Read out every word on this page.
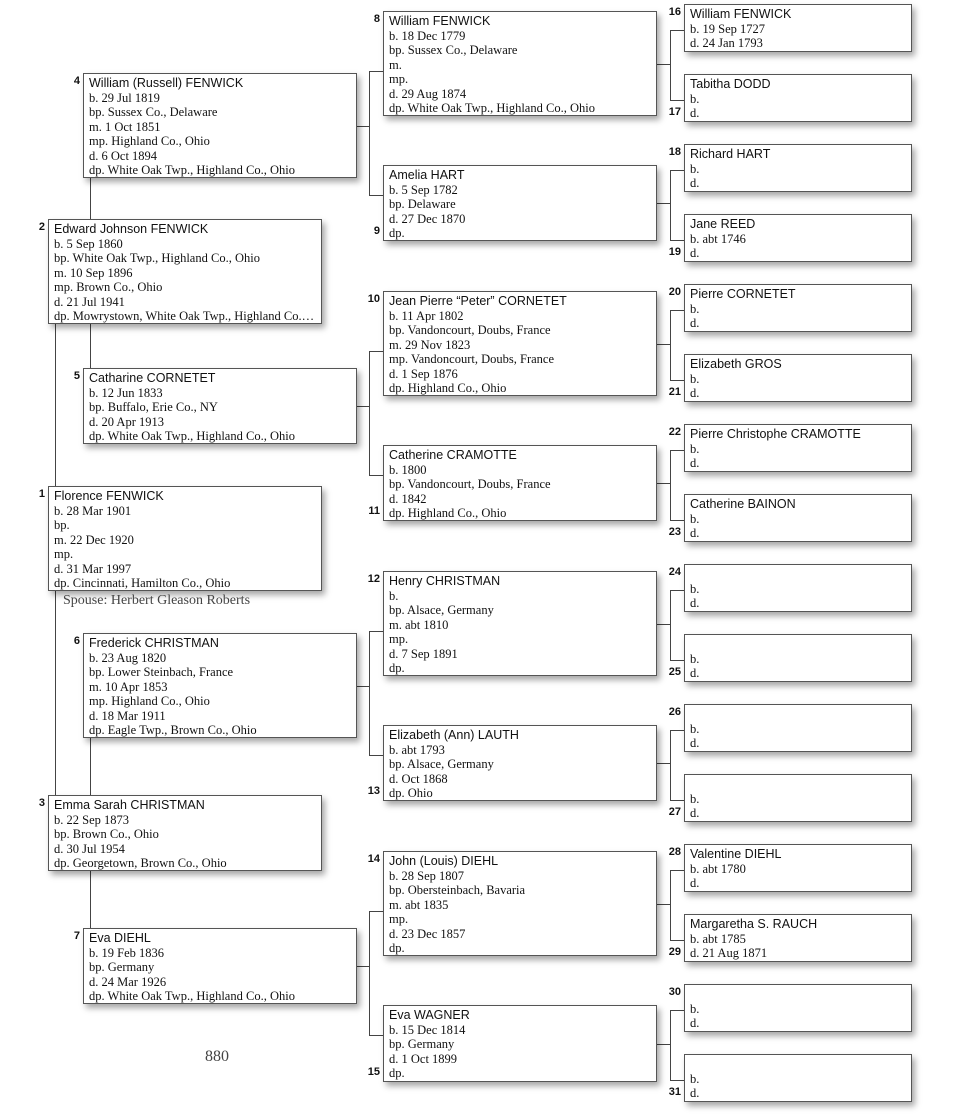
Florence FENWICK
b. 28 Mar 1901
bp.
m. 22 Dec 1920
mp.
d. 31 Mar 1997
dp. Cincinnati, Hamilton Co., Ohio
1
Edward Johnson FENWICK
b. 5 Sep 1860
bp. White Oak Twp., Highland Co., Ohio
m. 10 Sep 1896
mp. Brown Co., Ohio
d. 21 Jul 1941
dp. Mowrystown, White Oak Twp., Highland Co.…
2
Emma Sarah CHRISTMAN
b. 22 Sep 1873
bp. Brown Co., Ohio
d. 30 Jul 1954
dp. Georgetown, Brown Co., Ohio
3
William (Russell) FENWICK
b. 29 Jul 1819
bp. Sussex Co., Delaware
m. 1 Oct 1851
mp. Highland Co., Ohio
d. 6 Oct 1894
dp. White Oak Twp., Highland Co., Ohio
4
Catharine CORNETET
b. 12 Jun 1833
bp. Buffalo, Erie Co., NY
d. 20 Apr 1913
dp. White Oak Twp., Highland Co., Ohio
5
Frederick CHRISTMAN
b. 23 Aug 1820
bp. Lower Steinbach, France
m. 10 Apr 1853
mp. Highland Co., Ohio
d. 18 Mar 1911
dp. Eagle Twp., Brown Co., Ohio
6
Eva DIEHL
b. 19 Feb 1836
bp. Germany
d. 24 Mar 1926
dp. White Oak Twp., Highland Co., Ohio
7
William FENWICK
b. 18 Dec 1779
bp. Sussex Co., Delaware
m.
mp.
d. 29 Aug 1874
dp. White Oak Twp., Highland Co., Ohio
8
Amelia HART
b. 5 Sep 1782
bp. Delaware
d. 27 Dec 1870
dp.
9
Jean Pierre “Peter” CORNETET
b. 11 Apr 1802
bp. Vandoncourt, Doubs, France
m. 29 Nov 1823
mp. Vandoncourt, Doubs, France
d. 1 Sep 1876
dp. Highland Co., Ohio
10
Catherine CRAMOTTE
b. 1800
bp. Vandoncourt, Doubs, France
d. 1842
dp. Highland Co., Ohio
11
Henry CHRISTMAN
b.
bp. Alsace, Germany
m. abt 1810
mp.
d. 7 Sep 1891
dp.
12
Elizabeth (Ann) LAUTH
b. abt 1793
bp. Alsace, Germany
d. Oct 1868
dp. Ohio
13
John (Louis) DIEHL
b. 28 Sep 1807
bp. Obersteinbach, Bavaria
m. abt 1835
mp.
d. 23 Dec 1857
dp.
14
Eva WAGNER
b. 15 Dec 1814
bp. Germany
d. 1 Oct 1899
dp.
15
William FENWICK
b. 19 Sep 1727
d. 24 Jan 1793
16
Tabitha DODD
b.
d.
17
Richard HART
b.
d.
18
Jane REED
b. abt 1746
d.
19
Pierre CORNETET
b.
d.
20
Elizabeth GROS
b.
d.
21
Pierre Christophe CRAMOTTE
b.
d.
22
Catherine BAINON
b.
d.
23
b.
d.
24
b.
d.
25
b.
d.
26
b.
d.
27
Valentine DIEHL
b. abt 1780
d.
28
Margaretha S. RAUCH
b. abt 1785
d. 21 Aug 1871
29
b.
d.
30
b.
d.
31
Spouse: Herbert Gleason Roberts
880
